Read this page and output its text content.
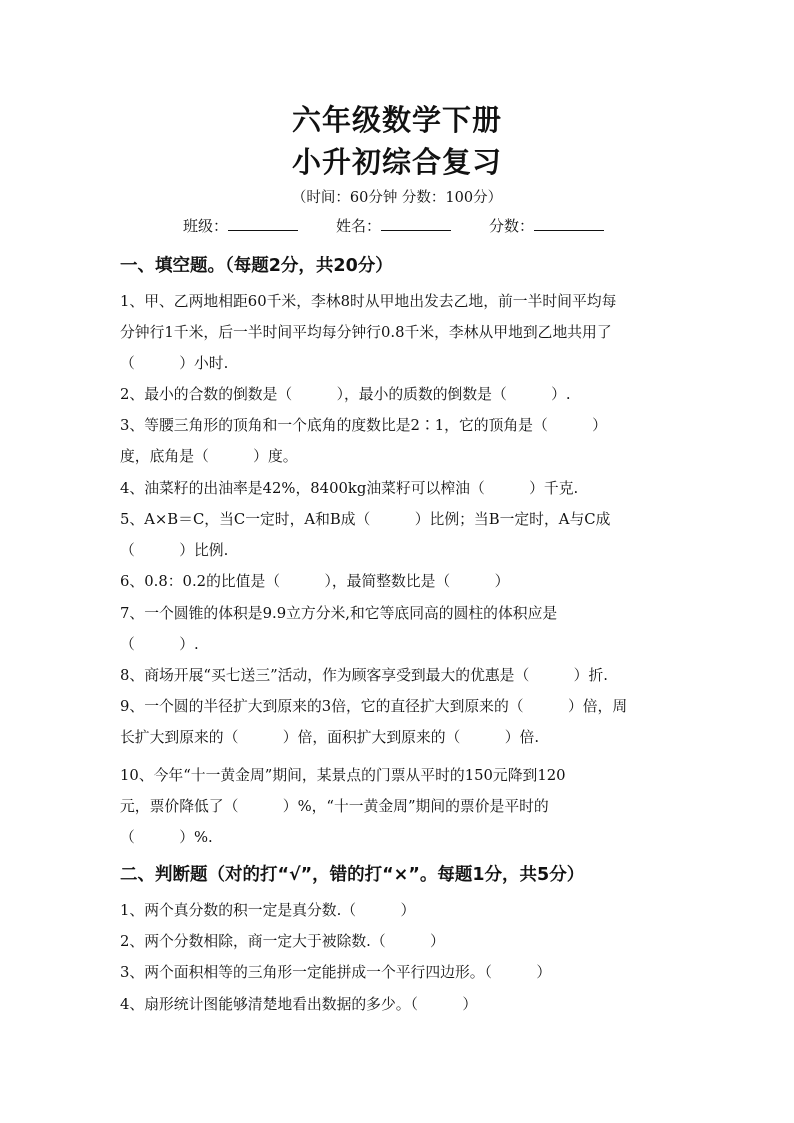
六年级数学下册
小升初综合复习
（时间：60分钟 分数：100分）
班级：	姓名：	分数：
一、填空题。（每题2分，共20分）
1、甲、乙两地相距60千米，李林8时从甲地出发去乙地，前一半时间平均每
分钟行1千米，后一半时间平均每分钟行0.8千米，李林从甲地到乙地共用了
（　　　）小时.
2、最小的合数的倒数是（　　　），最小的质数的倒数是（　　　）.
3、等腰三角形的顶角和一个底角的度数比是2∶1，它的顶角是（　　　）
度，底角是（　　　）度。
4、油菜籽的出油率是42%，8400kg油菜籽可以榨油（　　　）千克.
5、A×B＝C，当C一定时，A和B成（　　　）比例；当B一定时，A与C成
（　　　）比例.
6、0.8：0.2的比值是（　　　），最简整数比是（　　　）
7、一个圆锥的体积是9.9立方分米,和它等底同高的圆柱的体积应是
（　　　）.
8、商场开展“买七送三”活动，作为顾客享受到最大的优惠是（　　　）折.
9、一个圆的半径扩大到原来的3倍，它的直径扩大到原来的（　　　）倍，周
长扩大到原来的（　　　）倍，面积扩大到原来的（　　　）倍.
10、今年“十一黄金周”期间，某景点的门票从平时的150元降到120
元，票价降低了（　　　）%，“十一黄金周”期间的票价是平时的
（　　　）%.
二、判断题（对的打“√”，错的打“×”。每题1分，共5分）
1、两个真分数的积一定是真分数.（　　　）
2、两个分数相除，商一定大于被除数.（　　　）
3、两个面积相等的三角形一定能拼成一个平行四边形。（　　　）
4、扇形统计图能够清楚地看出数据的多少。（　　　）
